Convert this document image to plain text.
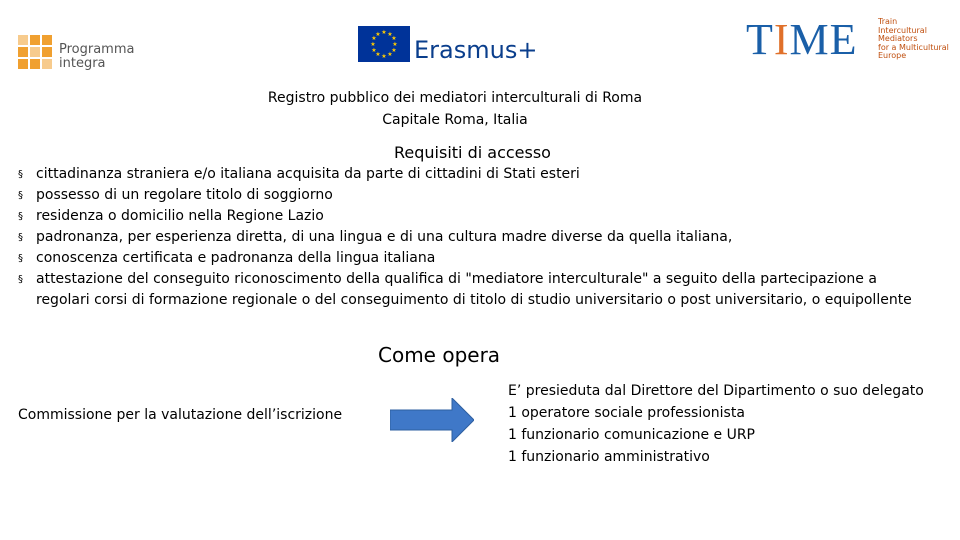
Programma
integra
★ ★
★
★
★
★
★
★
★
★
★
★
Erasmus+	TIME	Train
Intercultural
Mediators
for a Multicultural
Europe
Registro pubblico dei mediatori interculturali di Roma
Capitale Roma, Italia
Requisiti di accesso
§ cittadinanza straniera e/o italiana acquisita da parte di cittadini di Stati esteri
§ possesso di un regolare titolo di soggiorno
§ residenza o domicilio nella Regione Lazio
§ padronanza, per esperienza diretta, di una lingua e di una cultura madre diverse da quella italiana,
§ conoscenza certificata e padronanza della lingua italiana
§ attestazione del conseguito riconoscimento della qualifica di "mediatore interculturale" a seguito della partecipazione a regolari corsi di formazione regionale o del conseguimento di titolo di studio universitario o post universitario, o equipollente
Come opera
Commissione per la valutazione dell’iscrizione
E’ presieduta dal Direttore del Dipartimento o suo delegato
1 operatore sociale professionista
1 funzionario comunicazione e URP
1 funzionario amministrativo
